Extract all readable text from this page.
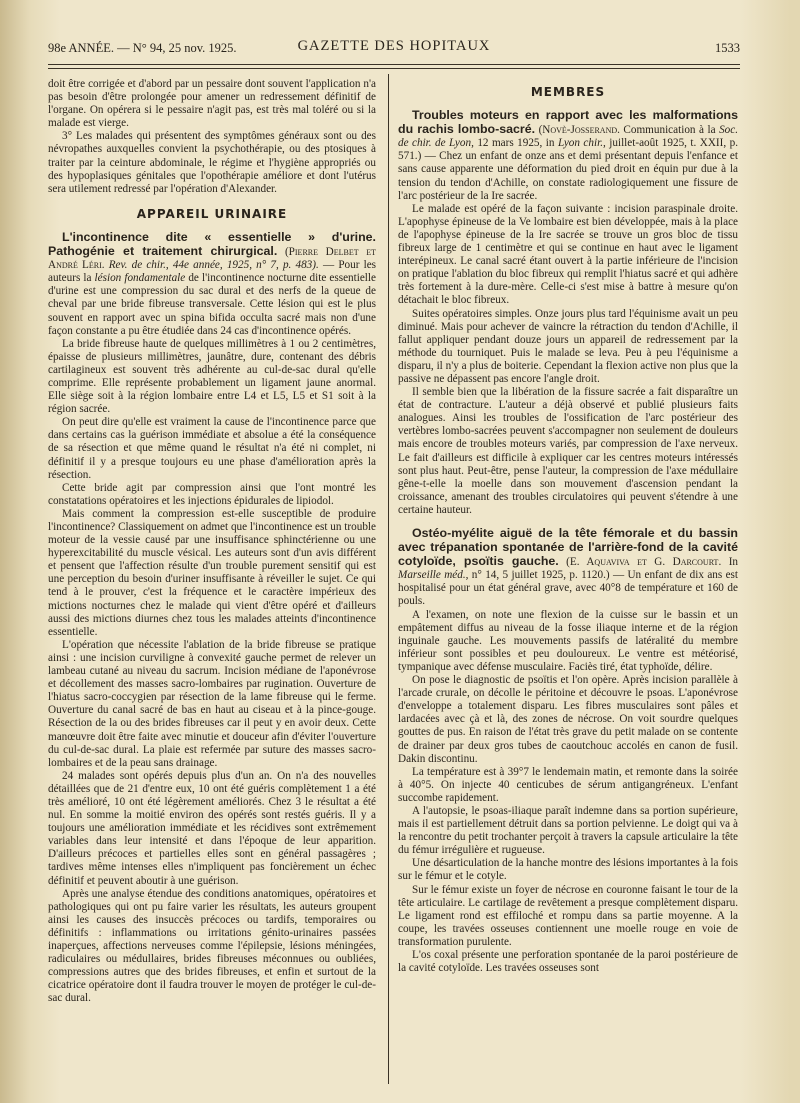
98e ANNÉE. — N° 94, 25 nov. 1925.	GAZETTE DES HOPITAUX	1533

doit être corrigée et d'abord par un pessaire dont souvent l'application n'a pas besoin d'être prolongée pour amener un redressement définitif de l'organe. On opérera si le pessaire n'agit pas, est très mal toléré ou si la malade est vierge.

3° Les malades qui présentent des symptômes généraux sont ou des névropathes auxquelles convient la psychothérapie, ou des ptosiques à traiter par la ceinture abdominale, le régime et l'hygiène appropriés ou des hypoplasiques génitales que l'opothérapie améliore et dont l'utérus sera utilement redressé par l'opération d'Alexander.

APPAREIL URINAIRE

L'incontinence dite « essentielle » d'urine. Pathogénie et traitement chirurgical. (Pierre Delbet et André Léri. Rev. de chir., 44e année, 1925, n° 7, p. 483). — Pour les auteurs la lésion fondamentale de l'incontinence nocturne dite essentielle d'urine est une compression du sac dural et des nerfs de la queue de cheval par une bride fibreuse transversale. Cette lésion qui est le plus souvent en rapport avec un spina bifida occulta sacré mais non d'une façon constante a pu être étudiée dans 24 cas d'incontinence opérés.

La bride fibreuse haute de quelques millimètres à 1 ou 2 centimètres, épaisse de plusieurs millimètres, jaunâtre, dure, contenant des débris cartilagineux est souvent très adhérente au cul-de-sac dural qu'elle comprime. Elle représente probablement un ligament jaune anormal. Elle siège soit à la région lombaire entre L4 et L5, L5 et S1 soit à la région sacrée.

On peut dire qu'elle est vraiment la cause de l'incontinence parce que dans certains cas la guérison immédiate et absolue a été la conséquence de sa résection et que même quand le résultat n'a été ni complet, ni définitif il y a presque toujours eu une phase d'amélioration après la résection.

Cette bride agit par compression ainsi que l'ont montré les constatations opératoires et les injections épidurales de lipiodol.

Mais comment la compression est-elle susceptible de produire l'incontinence? Classiquement on admet que l'incontinence est un trouble moteur de la vessie causé par une insuffisance sphinctérienne ou une hyperexcitabilité du muscle vésical. Les auteurs sont d'un avis différent et pensent que l'affection résulte d'un trouble purement sensitif qui est une perception du besoin d'uriner insuffisante à réveiller le sujet. Ce qui tend à le prouver, c'est la fréquence et le caractère impérieux des mictions nocturnes chez le malade qui vient d'être opéré et d'ailleurs aussi des mictions diurnes chez tous les malades atteints d'incontinence essentielle.

L'opération que nécessite l'ablation de la bride fibreuse se pratique ainsi : une incision curviligne à convexité gauche permet de relever un lambeau cutané au niveau du sacrum. Incision médiane de l'aponévrose et décollement des masses sacro-lombaires par rugination. Ouverture de l'hiatus sacro-coccygien par résection de la lame fibreuse qui le ferme. Ouverture du canal sacré de bas en haut au ciseau et à la pince-gouge. Résection de la ou des brides fibreuses car il peut y en avoir deux. Cette manœuvre doit être faite avec minutie et douceur afin d'éviter l'ouverture du cul-de-sac dural. La plaie est refermée par suture des masses sacro-lombaires et de la peau sans drainage.

24 malades sont opérés depuis plus d'un an. On n'a des nouvelles détaillées que de 21 d'entre eux, 10 ont été guéris complètement 1 a été très amélioré, 10 ont été légèrement améliorés. Chez 3 le résultat a été nul. En somme la moitié environ des opérés sont restés guéris. Il y a toujours une amélioration immédiate et les récidives sont extrêmement variables dans leur intensité et dans l'époque de leur apparition. D'ailleurs précoces et partielles elles sont en général passagères ; tardives même intenses elles n'impliquent pas foncièrement un échec définitif et peuvent aboutir à une guérison.

Après une analyse étendue des conditions anatomiques, opératoires et pathologiques qui ont pu faire varier les résultats, les auteurs groupent ainsi les causes des insuccès précoces ou tardifs, temporaires ou définitifs : inflammations ou irritations génito-urinaires passées inaperçues, affections nerveuses comme l'épilepsie, lésions méningées, radiculaires ou médullaires, brides fibreuses méconnues ou oubliées, compressions autres que des brides fibreuses, et enfin et surtout de la cicatrice opératoire dont il faudra trouver le moyen de protéger le cul-de-sac dural.

MEMBRES

Troubles moteurs en rapport avec les malformations du rachis lombo-sacré. (Novè-Josserand. Communication à la Soc. de chir. de Lyon, 12 mars 1925, in Lyon chir., juillet-août 1925, t. XXII, p. 571.) — Chez un enfant de onze ans et demi présentant depuis l'enfance et sans cause apparente une déformation du pied droit en équin pur due à la tension du tendon d'Achille, on constate radiologiquement une fissure de l'arc postérieur de la Ire sacrée.

Le malade est opéré de la façon suivante : incision paraspinale droite. L'apophyse épineuse de la Ve lombaire est bien développée, mais à la place de l'apophyse épineuse de la Ire sacrée se trouve un gros bloc de tissu fibreux large de 1 centimètre et qui se continue en haut avec le ligament interépineux. Le canal sacré étant ouvert à la partie inférieure de l'incision on pratique l'ablation du bloc fibreux qui remplit l'hiatus sacré et qui adhère très fortement à la dure-mère. Celle-ci s'est mise à battre à mesure qu'on détachait le bloc fibreux.

Suites opératoires simples. Onze jours plus tard l'équinisme avait un peu diminué. Mais pour achever de vaincre la rétraction du tendon d'Achille, il fallut appliquer pendant douze jours un appareil de redressement par la méthode du tourniquet. Puis le malade se leva. Peu à peu l'équinisme a disparu, il n'y a plus de boiterie. Cependant la flexion active non plus que la passive ne dépassent pas encore l'angle droit.

Il semble bien que la libération de la fissure sacrée a fait disparaître un état de contracture. L'auteur a déjà observé et publié plusieurs faits analogues. Ainsi les troubles de l'ossification de l'arc postérieur des vertèbres lombo-sacrées peuvent s'accompagner non seulement de douleurs mais encore de troubles moteurs variés, par compression de l'axe nerveux. Le fait d'ailleurs est difficile à expliquer car les centres moteurs intéressés sont plus haut. Peut-être, pense l'auteur, la compression de l'axe médullaire gêne-t-elle la moelle dans son mouvement d'ascension pendant la croissance, amenant des troubles circulatoires qui peuvent s'étendre à une certaine hauteur.

Ostéo-myélite aiguë de la tête fémorale et du bassin avec trépanation spontanée de l'arrière-fond de la cavité cotyloïde, psoïtis gauche. (E. Aquaviva et G. Darcourt. In Marseille méd., n° 14, 5 juillet 1925, p. 1120.) — Un enfant de dix ans est hospitalisé pour un état général grave, avec 40°8 de température et 160 de pouls.

A l'examen, on note une flexion de la cuisse sur le bassin et un empâtement diffus au niveau de la fosse iliaque interne et de la région inguinale gauche. Les mouvements passifs de latéralité du membre inférieur sont possibles et peu douloureux. Le ventre est météorisé, tympanique avec défense musculaire. Faciès tiré, état typhoïde, délire.

On pose le diagnostic de psoïtis et l'on opère. Après incision parallèle à l'arcade crurale, on décolle le péritoine et découvre le psoas. L'aponévrose d'enveloppe a totalement disparu. Les fibres musculaires sont pâles et lardacées avec çà et là, des zones de nécrose. On voit sourdre quelques gouttes de pus. En raison de l'état très grave du petit malade on se contente de drainer par deux gros tubes de caoutchouc accolés en canon de fusil. Dakin discontinu.

La température est à 39°7 le lendemain matin, et remonte dans la soirée à 40°5. On injecte 40 centicubes de sérum antigangréneux. L'enfant succombe rapidement.

A l'autopsie, le psoas-iliaque paraît indemne dans sa portion supérieure, mais il est partiellement détruit dans sa portion pelvienne. Le doigt qui va à la rencontre du petit trochanter perçoit à travers la capsule articulaire la tête du fémur irrégulière et rugueuse.

Une désarticulation de la hanche montre des lésions importantes à la fois sur le fémur et le cotyle.

Sur le fémur existe un foyer de nécrose en couronne faisant le tour de la tête articulaire. Le cartilage de revêtement a presque complètement disparu. Le ligament rond est effiloché et rompu dans sa partie moyenne. A la coupe, les travées osseuses contiennent une moelle rouge en voie de transformation purulente.

L'os coxal présente une perforation spontanée de la paroi postérieure de la cavité cotyloïde. Les travées osseuses sont
